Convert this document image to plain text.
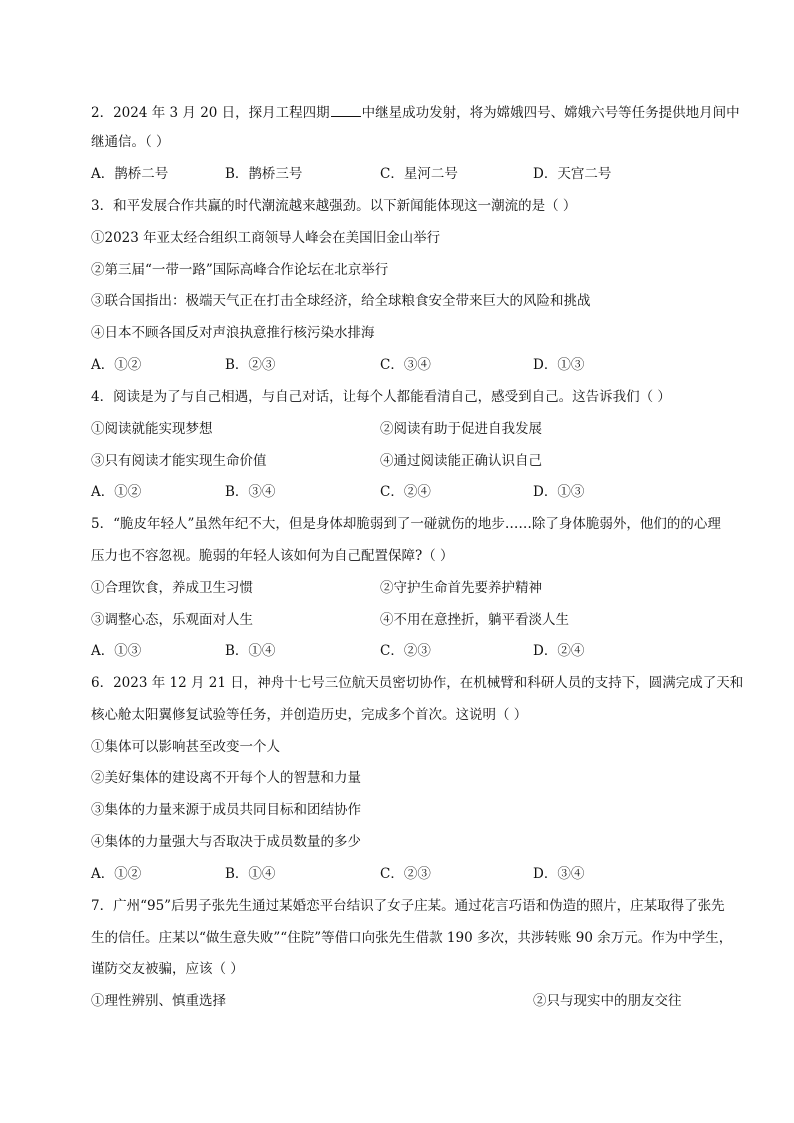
2．2024 年 3 月 20 日，探月工程四期 中继星成功发射，将为嫦娥四号、嫦娥六号等任务提供地月间中
继通信。（ ）
A．鹊桥二号	B．鹊桥三号	C．星河二号	D．天宫二号
3．和平发展合作共赢的时代潮流越来越强劲。以下新闻能体现这一潮流的是（ ）
①2023 年亚太经合组织工商领导人峰会在美国旧金山举行
②第三届“一带一路”国际高峰合作论坛在北京举行
③联合国指出：极端天气正在打击全球经济，给全球粮食安全带来巨大的风险和挑战
④日本不顾各国反对声浪执意推行核污染水排海
A．①②	B．②③	C．③④	D．①③
4．阅读是为了与自己相遇，与自己对话，让每个人都能看清自己，感受到自己。这告诉我们（ ）
①阅读就能实现梦想	②阅读有助于促进自我发展
③只有阅读才能实现生命价值	④通过阅读能正确认识自己
A．①②	B．③④	C．②④	D．①③
5．“脆皮年轻人”虽然年纪不大，但是身体却脆弱到了一碰就伤的地步……除了身体脆弱外，他们的的心理
压力也不容忽视。脆弱的年轻人该如何为自己配置保障?（ ）
①合理饮食，养成卫生习惯	②守护生命首先要养护精神
③调整心态，乐观面对人生	④不用在意挫折，躺平看淡人生
A．①③	B．①④	C．②③	D．②④
6．2023 年 12 月 21 日，神舟十七号三位航天员密切协作，在机械臂和科研人员的支持下，圆满完成了天和
核心舱太阳翼修复试验等任务，并创造历史，完成多个首次。这说明（ ）
①集体可以影响甚至改变一个人
②美好集体的建设离不开每个人的智慧和力量
③集体的力量来源于成员共同目标和团结协作
④集体的力量强大与否取决于成员数量的多少
A．①②	B．①④	C．②③	D．③④
7．广州“95”后男子张先生通过某婚恋平台结识了女子庄某。通过花言巧语和伪造的照片，庄某取得了张先
生的信任。庄某以“做生意失败”“住院”等借口向张先生借款 190 多次，共涉转账 90 余万元。作为中学生，
谨防交友被骗，应该（ ）
①理性辨别、慎重选择	②只与现实中的朋友交往
